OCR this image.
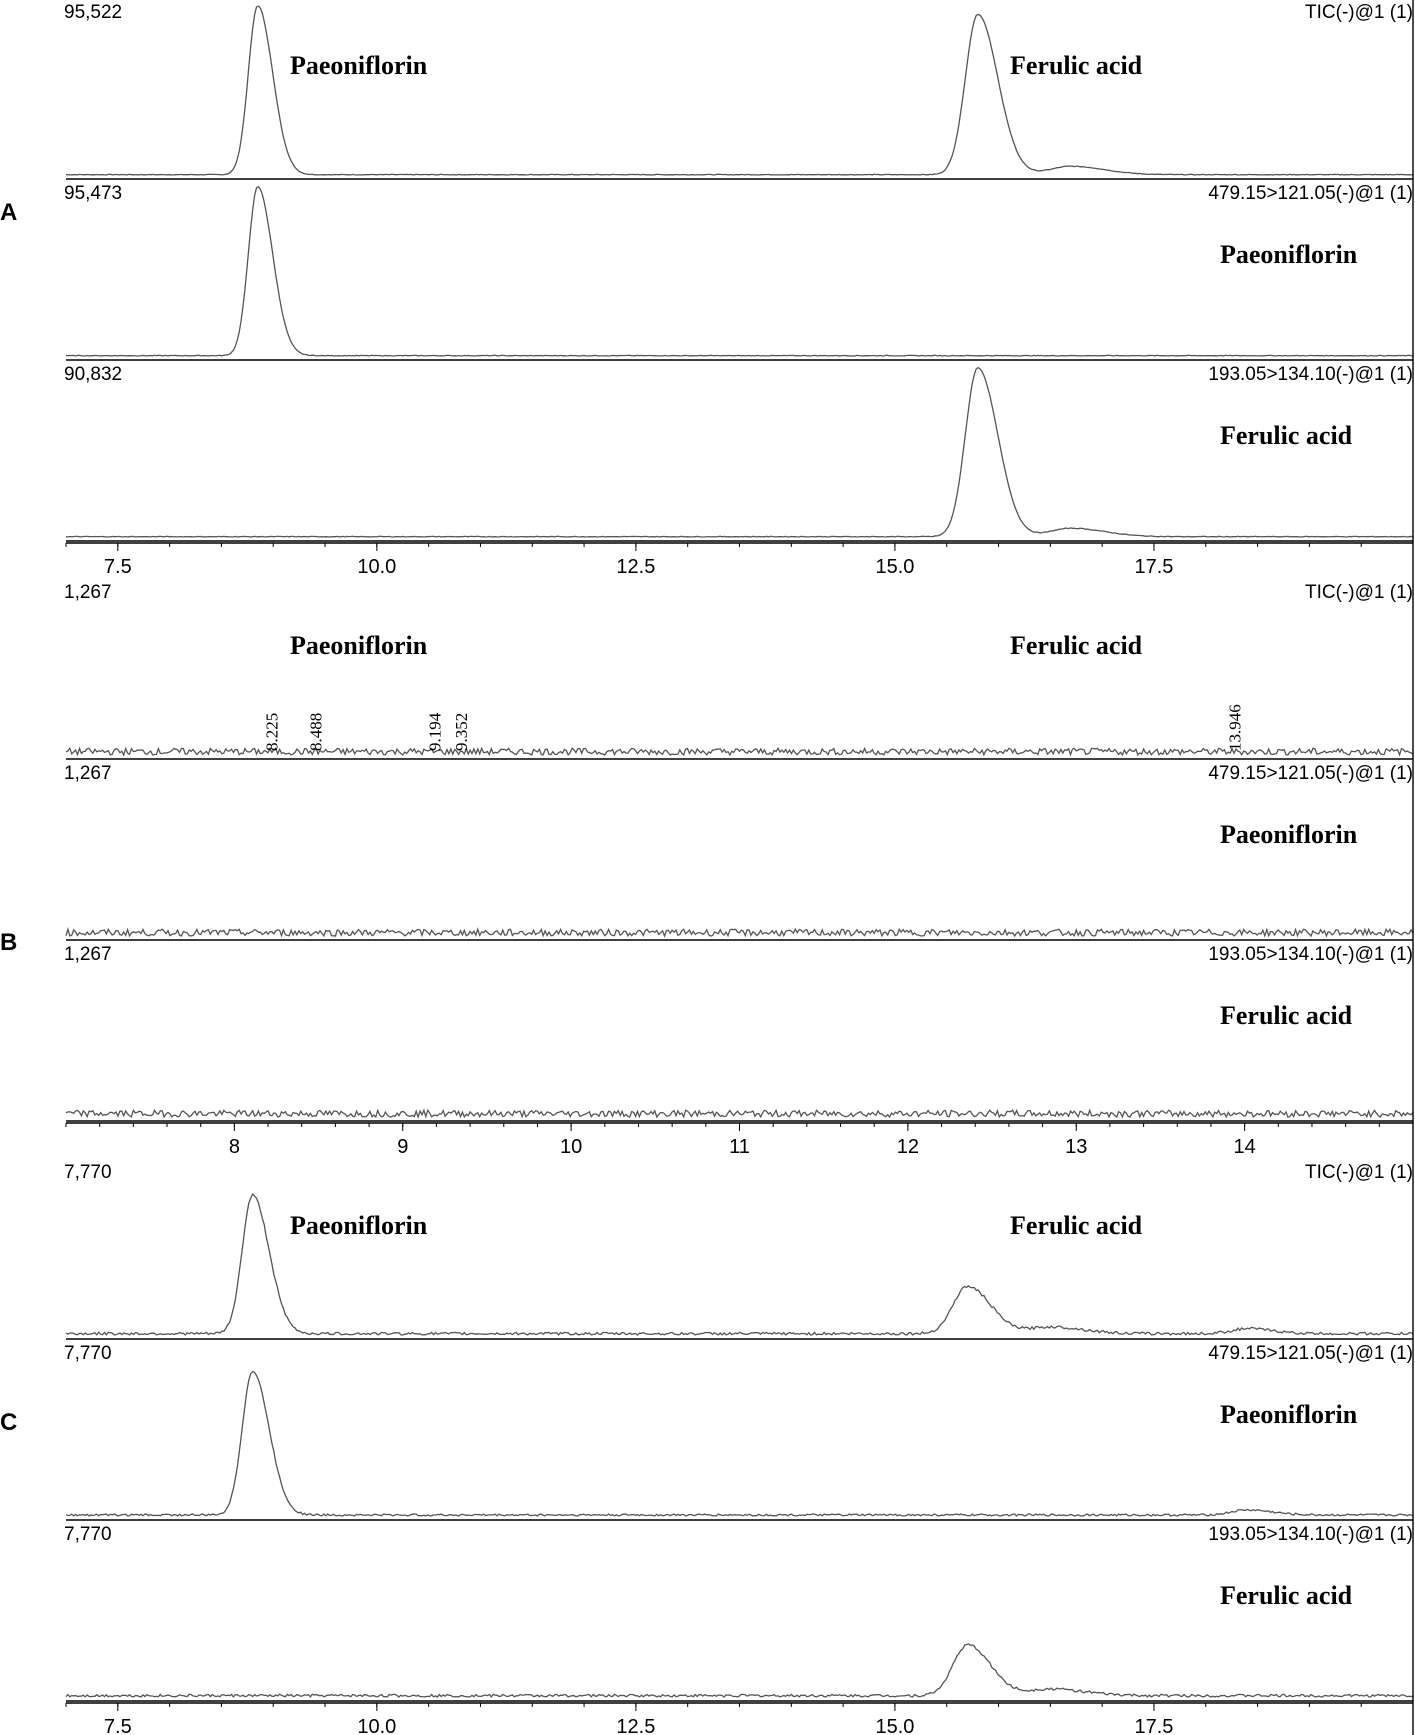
A
95,522	TIC(-)@1 (1)
Paeoniflorin	Ferulic acid
95,473	479.15>121.05(-)@1 (1)
Paeoniflorin
90,832	193.05>134.10(-)@1 (1)
Ferulic acid
7.5	10.0	12.5	15.0	17.5
B
1,267	TIC(-)@1 (1)
Paeoniflorin	Ferulic acid
8.225 8.488	9.194 9.352	13.946
1,267	479.15>121.05(-)@1 (1)
Paeoniflorin
1,267	193.05>134.10(-)@1 (1)
Ferulic acid
8	9	10	11	12	13	14
C
7,770	TIC(-)@1 (1)
Paeoniflorin	Ferulic acid
7,770	479.15>121.05(-)@1 (1)
Paeoniflorin
7,770	193.05>134.10(-)@1 (1)
Ferulic acid
7.5	10.0	12.5	15.0	17.5
